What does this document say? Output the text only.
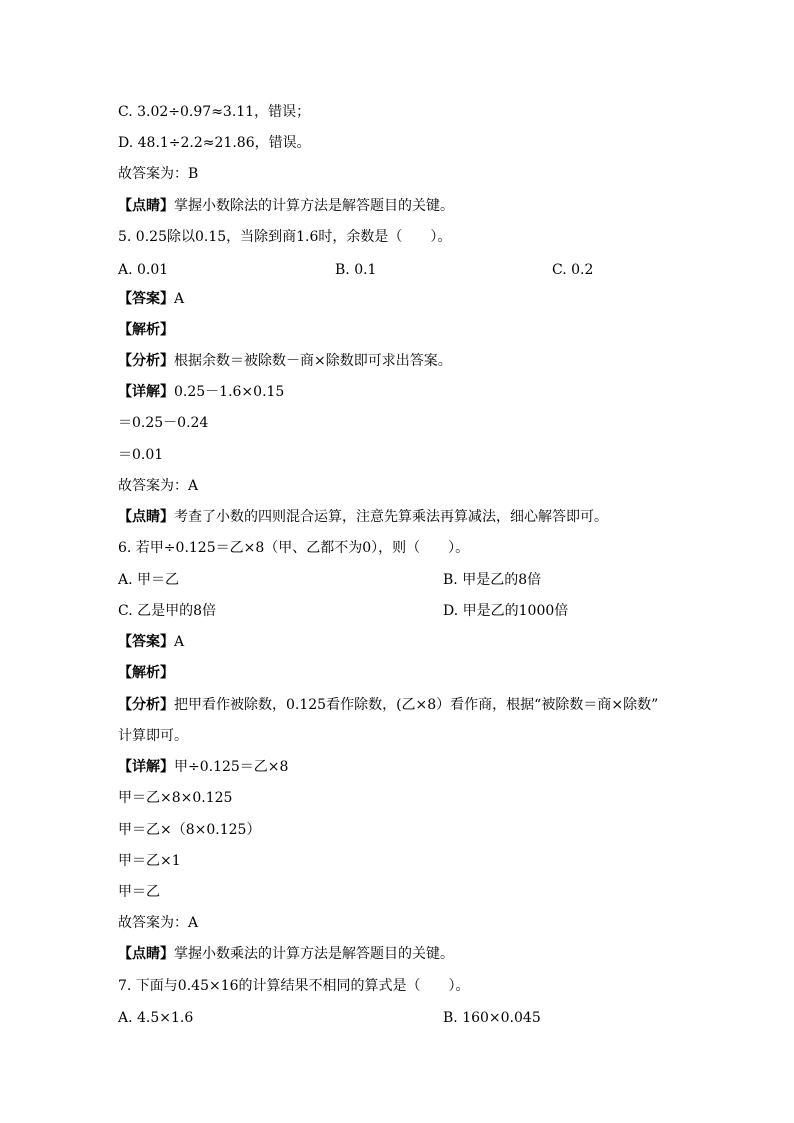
C. 3.02÷0.97≈3.11，错误；
D. 48.1÷2.2≈21.86，错误。
故答案为：B
【点睛】掌握小数除法的计算方法是解答题目的关键。
5. 0.25除以0.15，当除到商1.6时，余数是（　　）。
A. 0.01	B. 0.1	C. 0.2
【答案】A
【解析】
【分析】根据余数＝被除数－商×除数即可求出答案。
【详解】0.25－1.6×0.15
＝0.25－0.24
＝0.01
故答案为：A
【点睛】考查了小数的四则混合运算，注意先算乘法再算减法，细心解答即可。
6. 若甲÷0.125＝乙×8（甲、乙都不为0），则（　　）。
A. 甲＝乙	B. 甲是乙的8倍
C. 乙是甲的8倍	D. 甲是乙的1000倍
【答案】A
【解析】
【分析】把甲看作被除数，0.125看作除数，(乙×8）看作商，根据“被除数＝商×除数”
计算即可。
【详解】甲÷0.125＝乙×8
甲＝乙×8×0.125
甲＝乙×（8×0.125）
甲＝乙×1
甲＝乙
故答案为：A
【点睛】掌握小数乘法的计算方法是解答题目的关键。
7. 下面与0.45×16的计算结果不相同的算式是（　　）。
A. 4.5×1.6	B. 160×0.045
